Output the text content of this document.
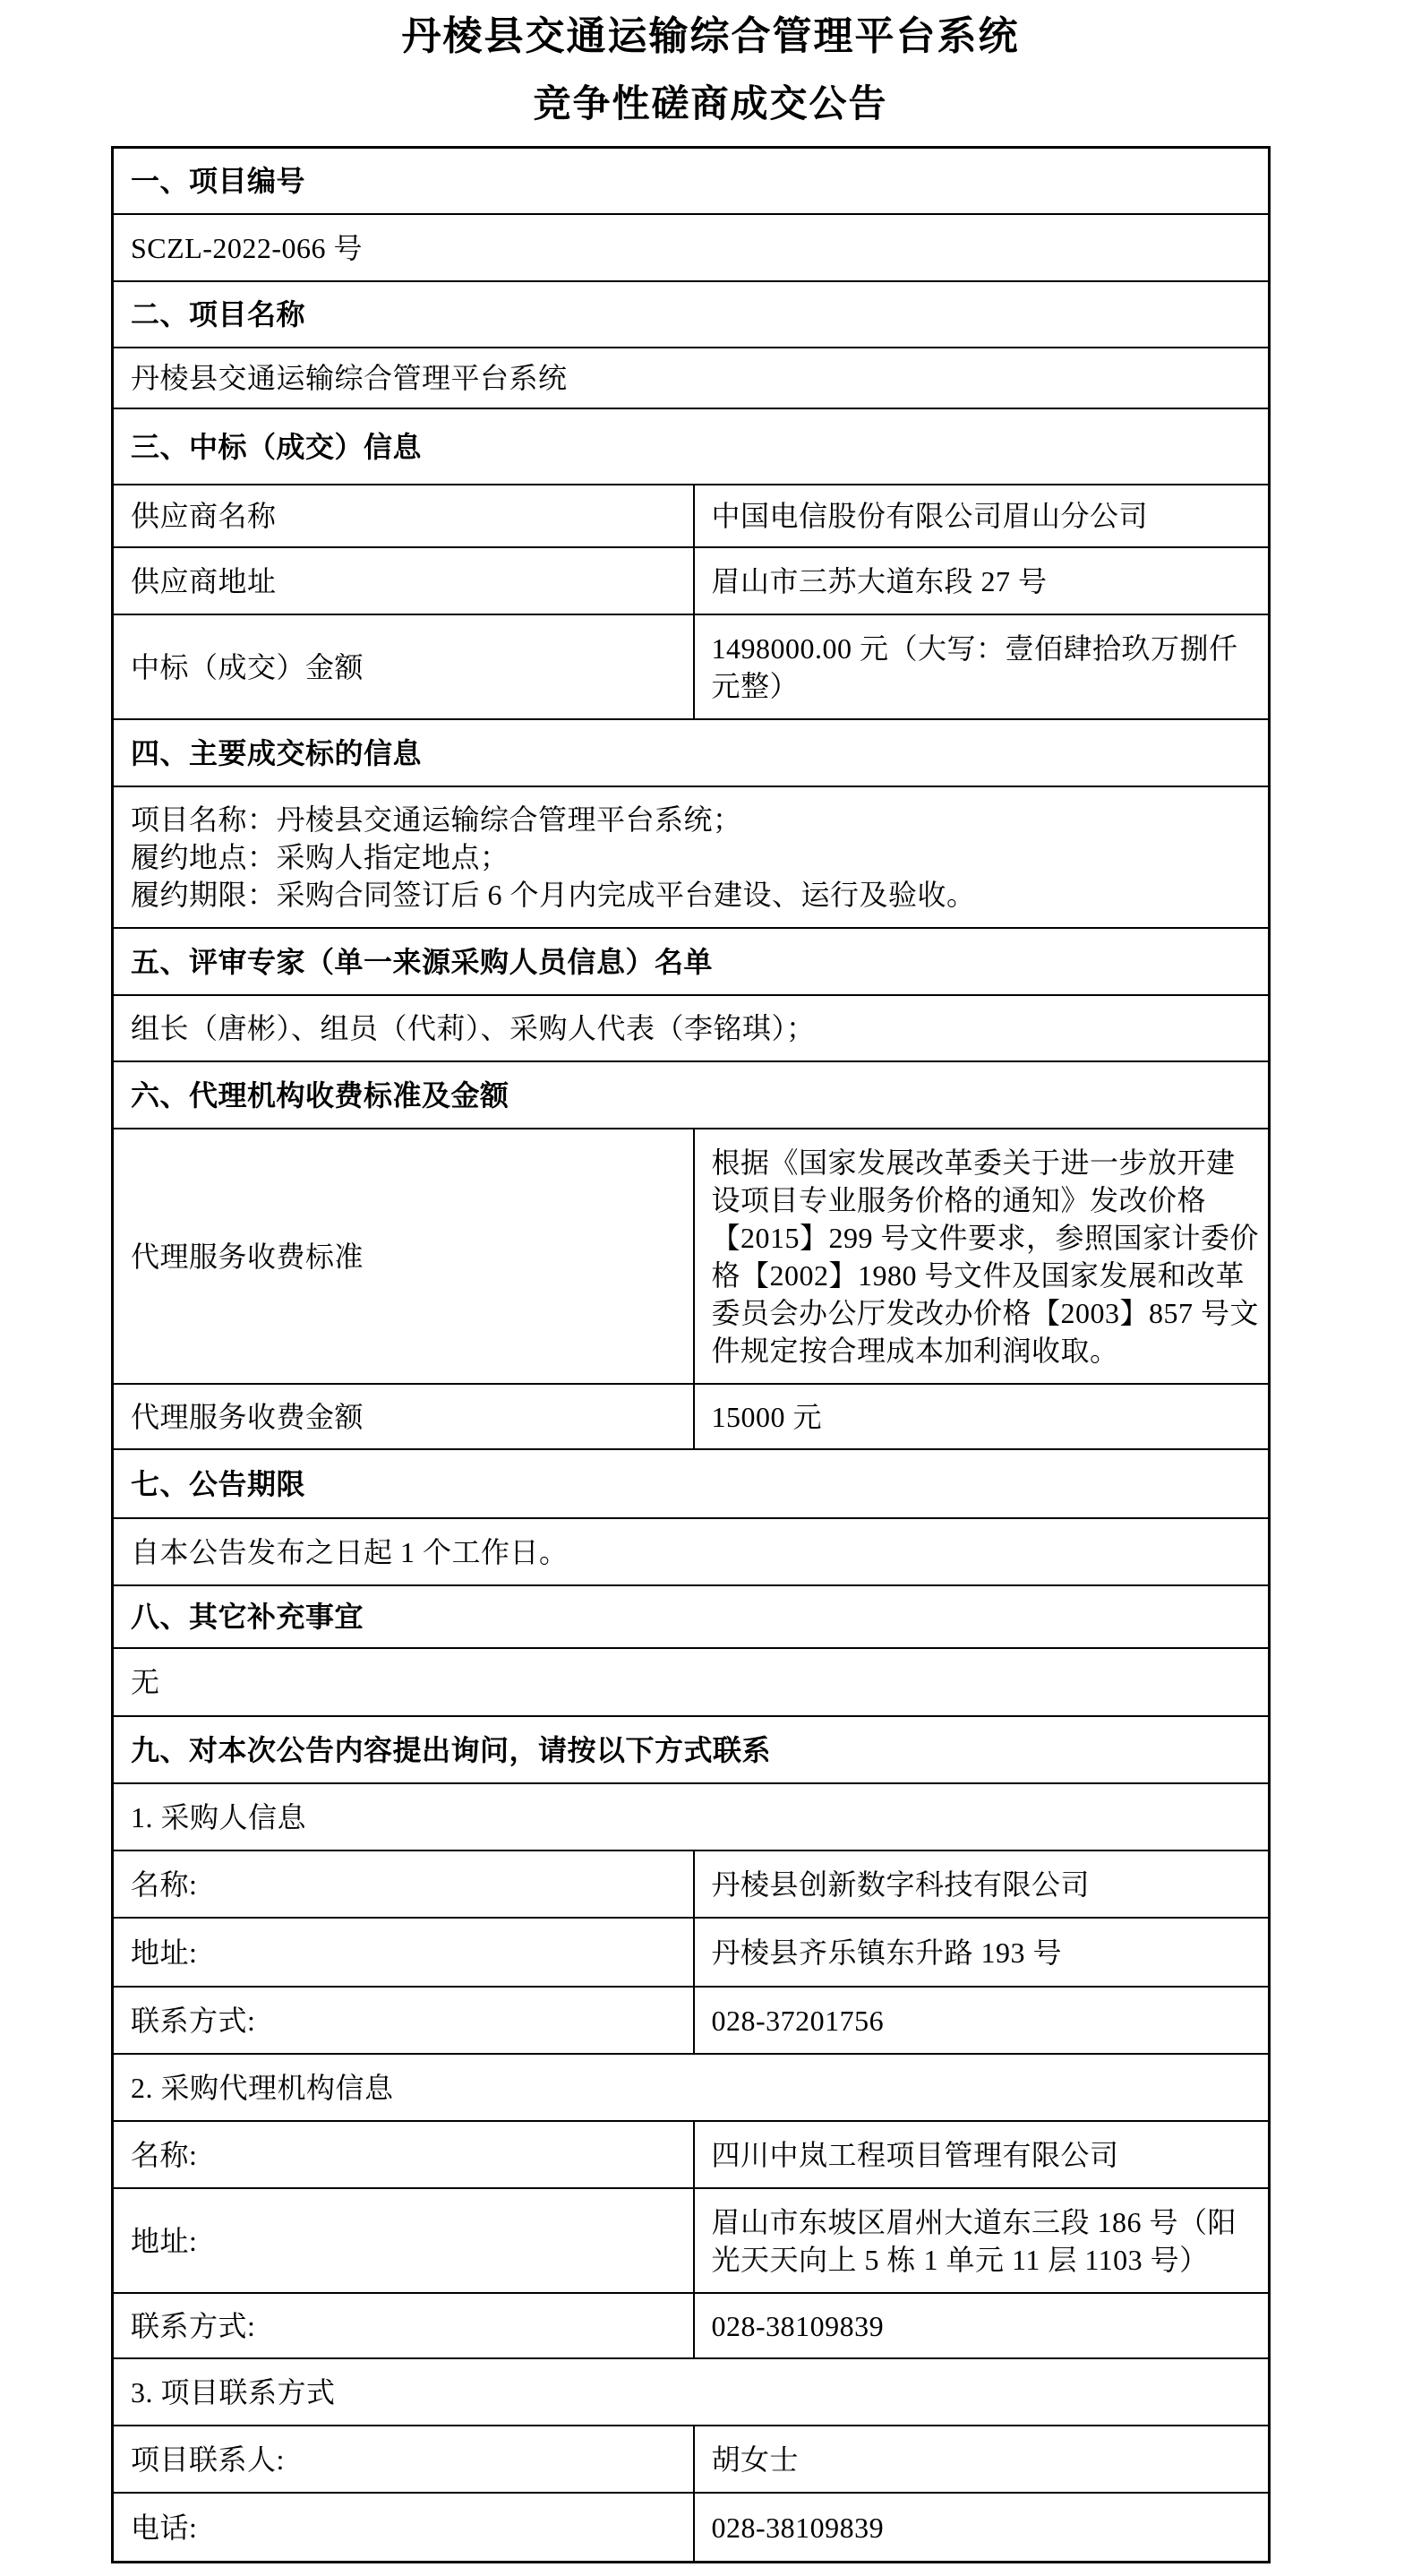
丹棱县交通运输综合管理平台系统
竞争性磋商成交公告
一、项目编号	
SCZL-2022-066 号	
二、项目名称	
丹棱县交通运输综合管理平台系统	
三、中标（成交）信息	
供应商名称	中国电信股份有限公司眉山分公司
供应商地址	眉山市三苏大道东段 27 号
中标（成交）金额	1498000.00 元（大写：壹佰肆拾玖万捌仟元整）
四、主要成交标的信息	

项目名称：丹棱县交通运输综合管理平台系统；
履约地点：采购人指定地点；
履约期限：采购合同签订后 6 个月内完成平台建设、运行及验收。	

五、评审专家（单一来源采购人员信息）名单	
组长（唐彬）、组员（代莉）、采购人代表（李铭琪）；	
六、代理机构收费标准及金额	
代理服务收费标准	根据《国家发展改革委关于进一步放开建设项目专业服务价格的通知》发改价格【2015】299 号文件要求，参照国家计委价格【2002】1980 号文件及国家发展和改革委员会办公厅发改办价格【2003】857 号文件规定按合理成本加利润收取。
代理服务收费金额	15000 元
七、公告期限	
自本公告发布之日起 1 个工作日。	
八、其它补充事宜	
无	
九、对本次公告内容提出询问，请按以下方式联系	
1. 采购人信息	
名称:	丹棱县创新数字科技有限公司
地址:	丹棱县齐乐镇东升路 193 号
联系方式:	028-37201756
2. 采购代理机构信息	
名称:	四川中岚工程项目管理有限公司
地址:	眉山市东坡区眉州大道东三段 186 号（阳光天天向上 5 栋 1 单元 11 层 1103 号）
联系方式:	028-38109839
3. 项目联系方式	
项目联系人:	胡女士
电话:	028-38109839
